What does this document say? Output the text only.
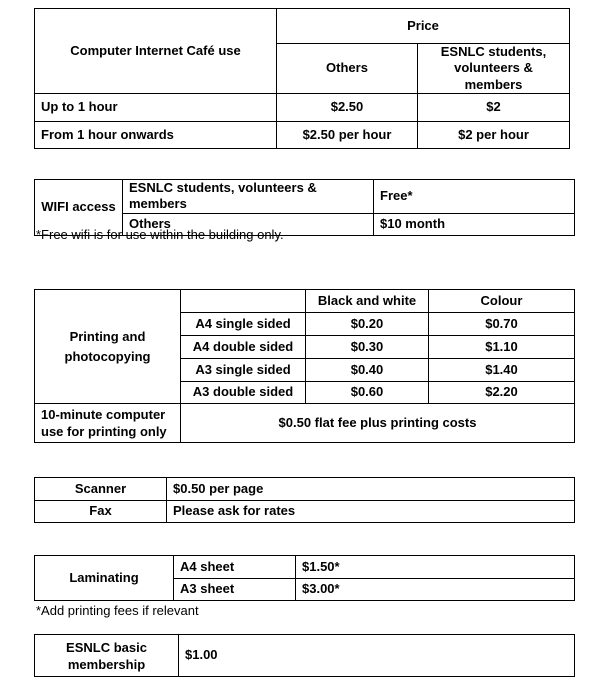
Computer Internet Café use	Price	
	Others	ESNLC students, volunteers & members
Up to 1 hour	$2.50	$2
From 1 hour onwards	$2.50 per hour	$2 per hour
WIFI access	ESNLC students, volunteers & members	Free*
	Others	$10 month
*Free wifi is for use within the building only.
Printing and photocopying		Black and white	Colour
	A4 single sided	$0.20	$0.70
	A4 double sided	$0.30	$1.10
	A3 single sided	$0.40	$1.40
	A3 double sided	$0.60	$2.20
10-minute computer use for printing only	$0.50 flat fee plus printing costs		
Scanner	$0.50 per page
Fax	Please ask for rates
Laminating	A4 sheet	$1.50*
	A3 sheet	$3.00*
*Add printing fees if relevant
ESNLC basic membership	$1.00
